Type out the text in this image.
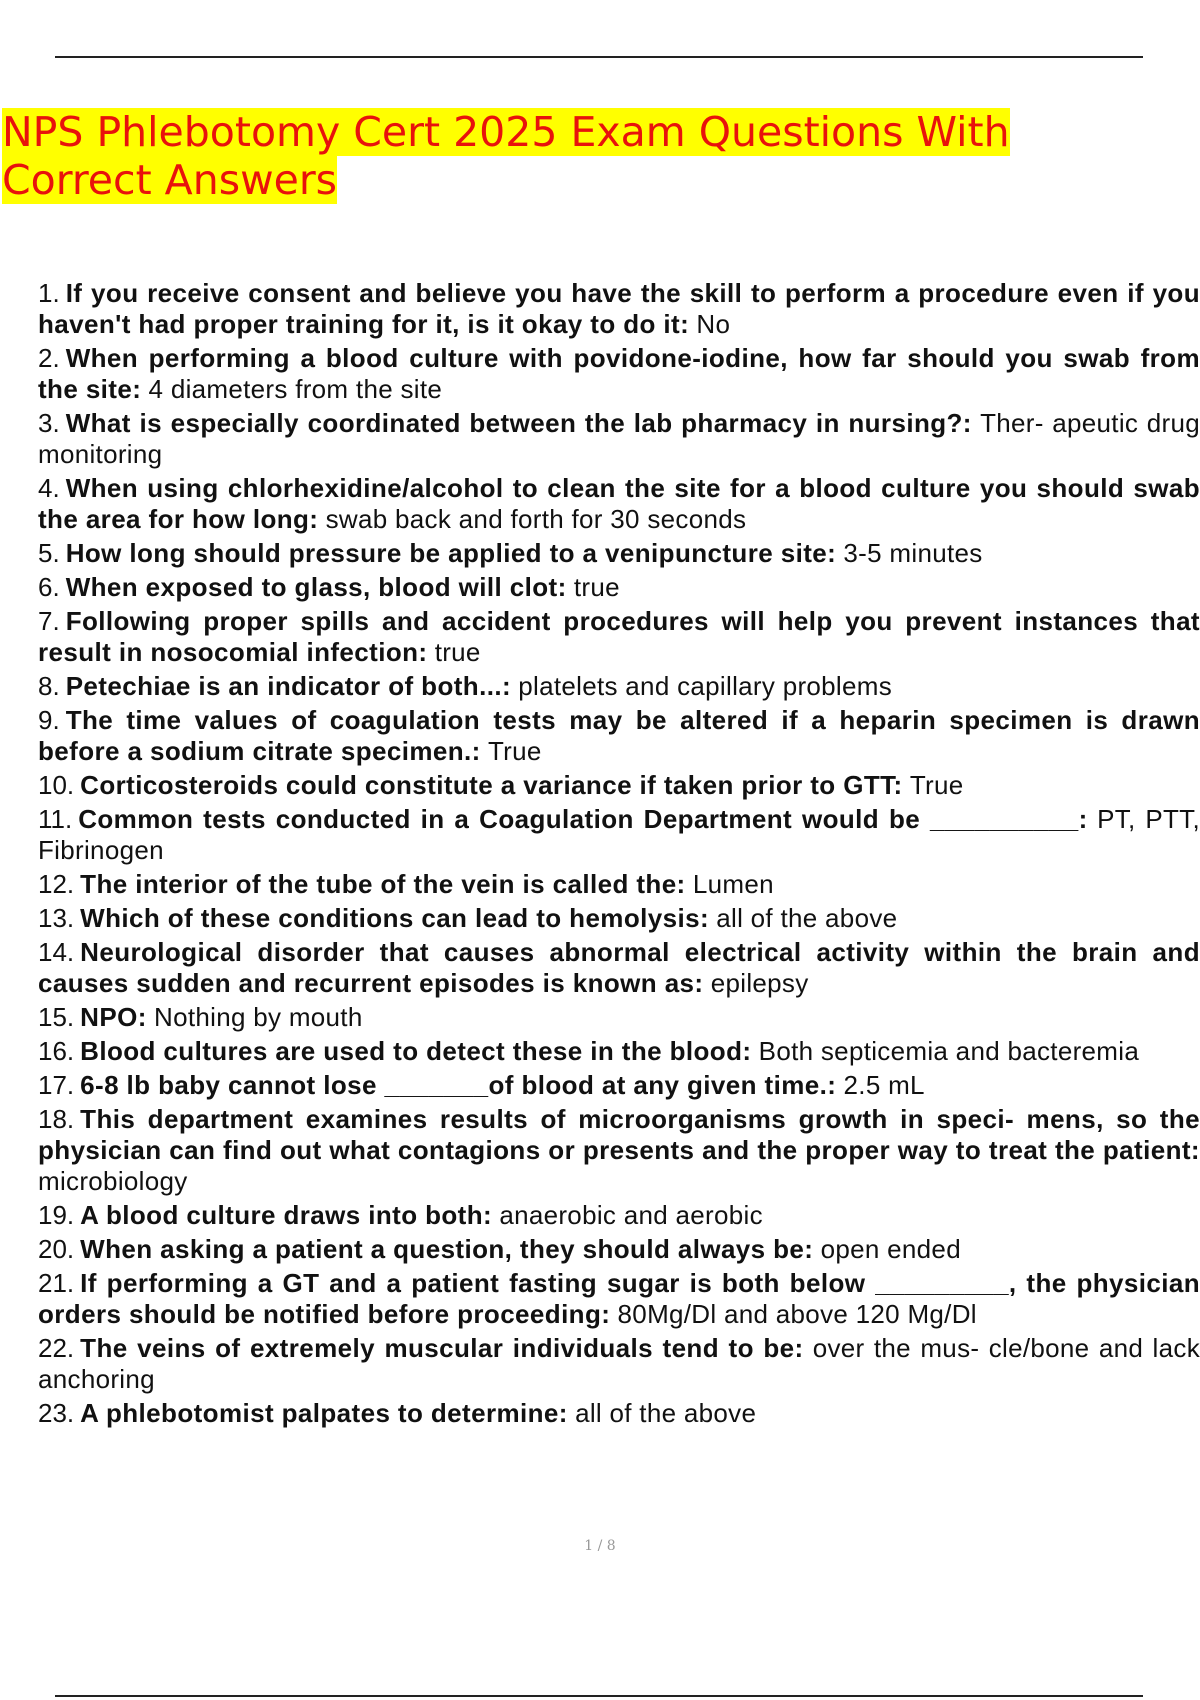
NPS Phlebotomy Cert 2025 Exam Questions With Correct Answers
1. If you receive consent and believe you have the skill to perform a procedure even if you haven't had proper training for it, is it okay to do it: No
2. When performing a blood culture with povidone-iodine, how far should you swab from the site: 4 diameters from the site
3. What is especially coordinated between the lab pharmacy in nursing?: Ther- apeutic drug monitoring
4. When using chlorhexidine/alcohol to clean the site for a blood culture you should swab the area for how long: swab back and forth for 30 seconds
5. How long should pressure be applied to a venipuncture site: 3-5 minutes
6. When exposed to glass, blood will clot: true
7. Following proper spills and accident procedures will help you prevent instances that result in nosocomial infection: true
8. Petechiae is an indicator of both...: platelets and capillary problems
9. The time values of coagulation tests may be altered if a heparin specimen is drawn before a sodium citrate specimen.: True
10. Corticosteroids could constitute a variance if taken prior to GTT: True
11. Common tests conducted in a Coagulation Department would be __________: PT, PTT, Fibrinogen
12. The interior of the tube of the vein is called the: Lumen
13. Which of these conditions can lead to hemolysis: all of the above
14. Neurological disorder that causes abnormal electrical activity within the brain and causes sudden and recurrent episodes is known as: epilepsy
15. NPO: Nothing by mouth
16. Blood cultures are used to detect these in the blood: Both septicemia and bacteremia
17. 6-8 lb baby cannot lose _______of blood at any given time.: 2.5 mL
18. This department examines results of microorganisms growth in speci- mens, so the physician can find out what contagions or presents and the proper way to treat the patient: microbiology
19. A blood culture draws into both: anaerobic and aerobic
20. When asking a patient a question, they should always be: open ended
21. If performing a GT and a patient fasting sugar is both below _________, the physician orders should be notified before proceeding: 80Mg/Dl and above 120 Mg/Dl
22. The veins of extremely muscular individuals tend to be: over the mus- cle/bone and lack anchoring
23. A phlebotomist palpates to determine: all of the above
1 / 8
